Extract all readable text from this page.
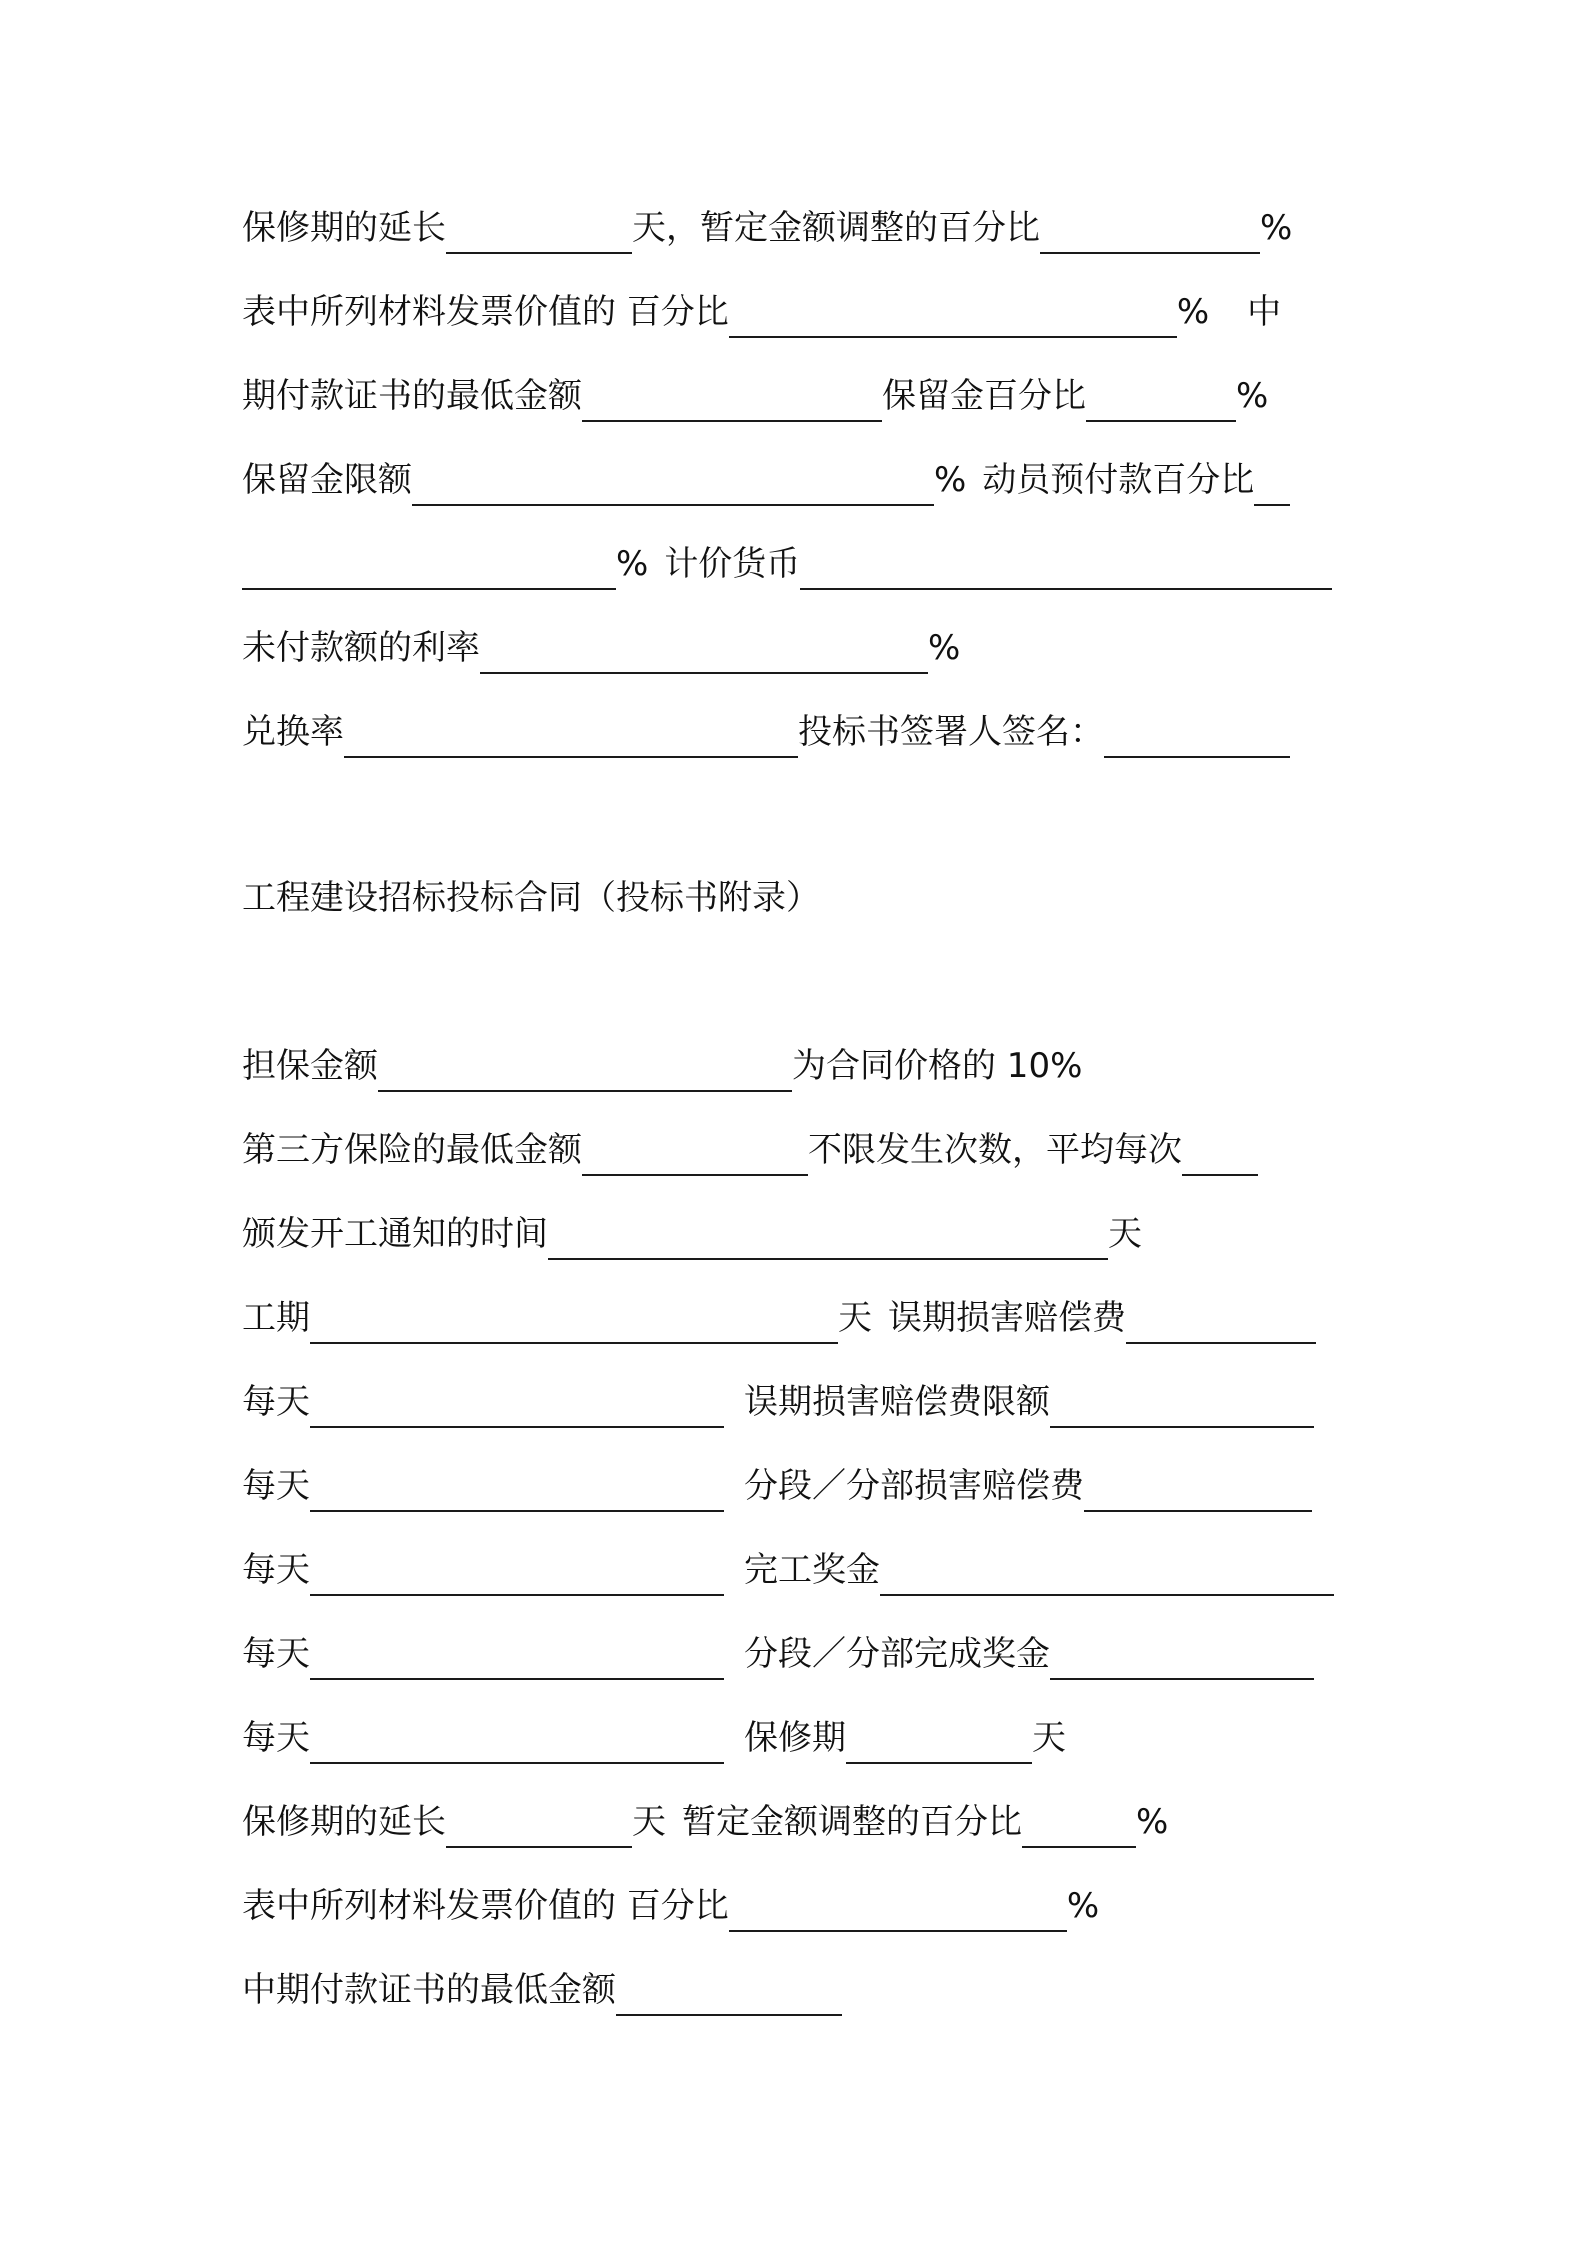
保修期的延长	天，暂定金额调整的百分比	%
表中所列材料发票价值的 百分比	% 中
期付款证书的最低金额	保留金百分比	%
保留金限额	% 动员预付款百分比
% 计价货币
未付款额的利率	%
兑换率	投标书签署人签名：
工程建设招标投标合同（投标书附录）
担保金额	为合同价格的 10%
第三方保险的最低金额	不限发生次数，平均每次
颁发开工通知的时间	天
工期	天 误期损害赔偿费
每天	误期损害赔偿费限额
每天	分段／分部损害赔偿费
每天	完工奖金
每天	分段／分部完成奖金
每天	保修期	天
保修期的延长	天 暂定金额调整的百分比	%
表中所列材料发票价值的 百分比	%
中期付款证书的最低金额
